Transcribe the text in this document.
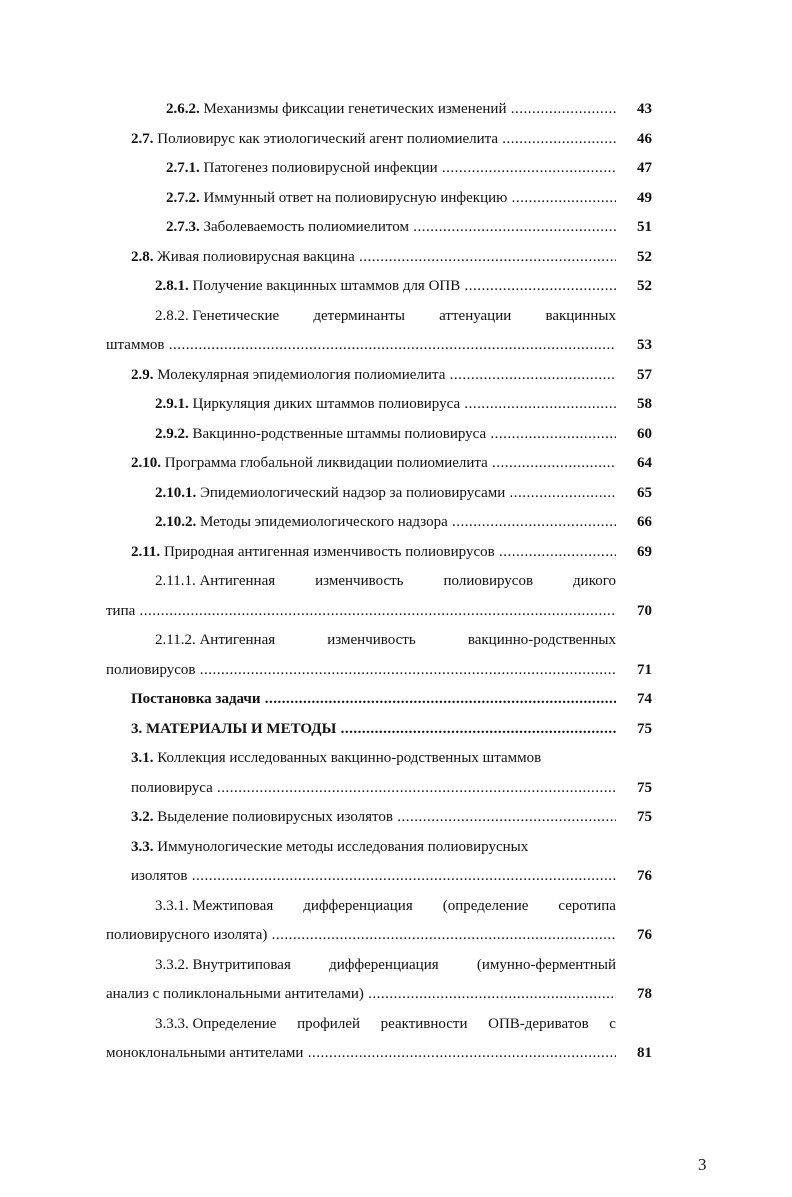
2.6.2. Механизмы фиксации генетических изменений .....	43
2.7. Полиовирус как этиологический агент полиомиелита .....	46
2.7.1. Патогенез полиовирусной инфекции .....	47
2.7.2. Иммунный ответ на полиовирусную инфекцию .....	49
2.7.3. Заболеваемость полиомиелитом .....	51
2.8. Живая полиовирусная вакцина .....	52
2.8.1. Получение вакцинных штаммов для ОПВ .....	52
2.8.2. Генетические детерминанты аттенуации вакцинных
штаммов .....	53
2.9. Молекулярная эпидемиология полиомиелита .....	57
2.9.1. Циркуляция диких штаммов полиовируса .....	58
2.9.2. Вакцинно-родственные штаммы полиовируса .....	60
2.10. Программа глобальной ликвидации полиомиелита .....	64
2.10.1. Эпидемиологический надзор за полиовирусами .....	65
2.10.2. Методы эпидемиологического надзора .....	66
2.11. Природная антигенная изменчивость полиовирусов .....	69
2.11.1. Антигенная	изменчивость	полиовирусов	дикого
типа .....	70
2.11.2. Антигенная	изменчивость	вакцинно-родственных
полиовирусов .....	71
Постановка задачи .....	74
3. МАТЕРИАЛЫ И МЕТОДЫ .....	75
3.1. Коллекция исследованных вакцинно-родственных штаммов
полиовируса .....	75
3.2. Выделение полиовирусных изолятов .....	75
3.3. Иммунологические методы исследования полиовирусных
изолятов .....	76
3.3.1. Межтиповая дифференциация (определение серотипа
полиовирусного изолята) .....	76
3.3.2. Внутритиповая	дифференциация	(имунно-ферментный
анализ с поликлональными антителами) .....	78
3.3.3. Определение профилей реактивности ОПВ-дериватов с
моноклональными антителами .....	81
3
